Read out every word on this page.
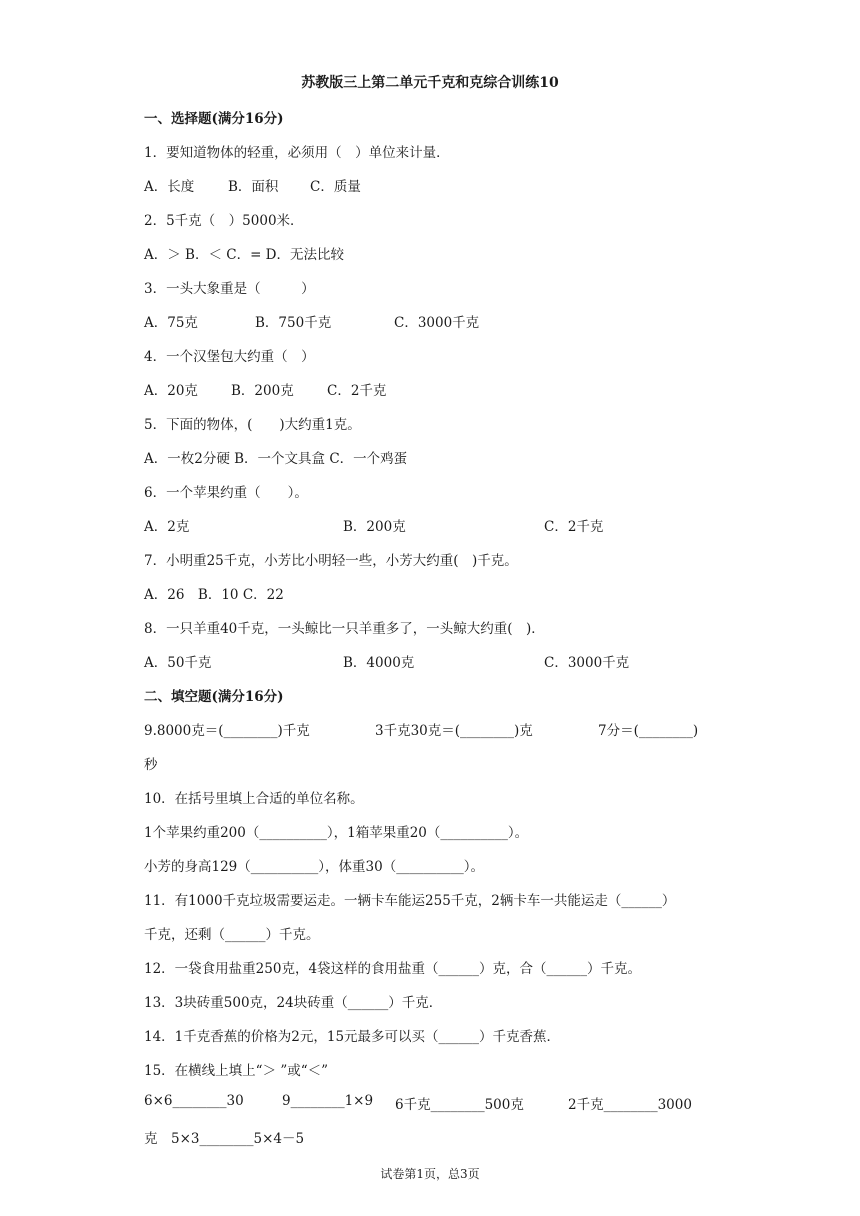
苏教版三上第二单元千克和克综合训练10
一、选择题(满分16分)
1．要知道物体的轻重，必须用（　）单位来计量．
A．长度	B．面积 C．质量
2．5千克（　）5000米．
A．＞ B．＜ C．= D．无法比较
3．一头大象重是（　　　）
A．75克	B．750千克	C．3000千克
4．一个汉堡包大约重（　）
A．20克 B．200克 C．2千克
5．下面的物体，(　　)大约重1克。
A．一枚2分硬 B．一个文具盒 C．一个鸡蛋
6．一个苹果约重（　　）。
A．2克	B．200克	C．2千克
7．小明重25千克，小芳比小明轻一些，小芳大约重(　)千克。
A．26　B．10 C．22
8．一只羊重40千克，一头鲸比一只羊重多了，一头鲸大约重(　)．
A．50千克	B．4000克	C．3000千克
二、填空题(满分16分)
9.8000克＝(________)千克	3千克30克＝(________)克	7分＝(________)
秒
10．在括号里填上合适的单位名称。
1个苹果约重200（__________），1箱苹果重20（__________）。
小芳的身高129（__________），体重30（__________）。
11．有1000千克垃圾需要运走。一辆卡车能运255千克，2辆卡车一共能运走（______）
千克，还剩（______）千克。
12．一袋食用盐重250克，4袋这样的食用盐重（______）克，合（______）千克。
13．3块砖重500克，24块砖重（______）千克．
14．1千克香蕉的价格为2元，15元最多可以买（______）千克香蕉．
15．在横线上填上“＞ ”或“＜”
6×6________30	9________1×9 6千克________500克	2千克________3000
克　5×3________5×4－5
试卷第1页，总3页
